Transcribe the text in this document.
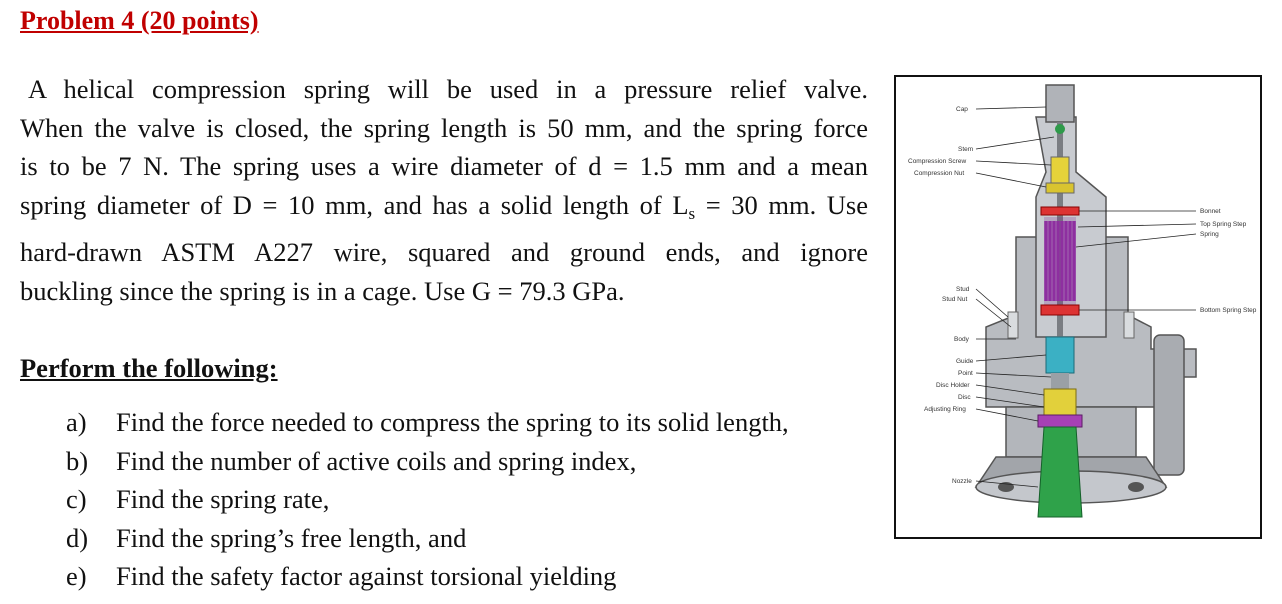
Problem 4 (20 points)
A helical compression spring will be used in a pressure relief valve.
When the valve is closed, the spring length is 50 mm, and the spring force
is to be 7 N. The spring uses a wire diameter of d = 1.5 mm and a mean
spring diameter of D = 10 mm, and has a solid length of $L_s = 30$ mm. Use
hard-drawn ASTM A227 wire, squared and ground ends, and ignore
buckling since the spring is in a cage. Use G = 79.3 GPa.
Perform the following:
a) Find the force needed to compress the spring to its solid length,
b) Find the number of active coils and spring index,
c) Find the spring rate,
d) Find the spring’s free length, and
e) Find the safety factor against torsional yielding
Cap
Stem
Compression Screw
Compression Nut
Stud
Stud Nut
Body
Guide
Point
Disc Holder
Disc
Adjusting Ring
Nozzle
Bonnet
Top Spring Step
Spring
Bottom Spring Step
